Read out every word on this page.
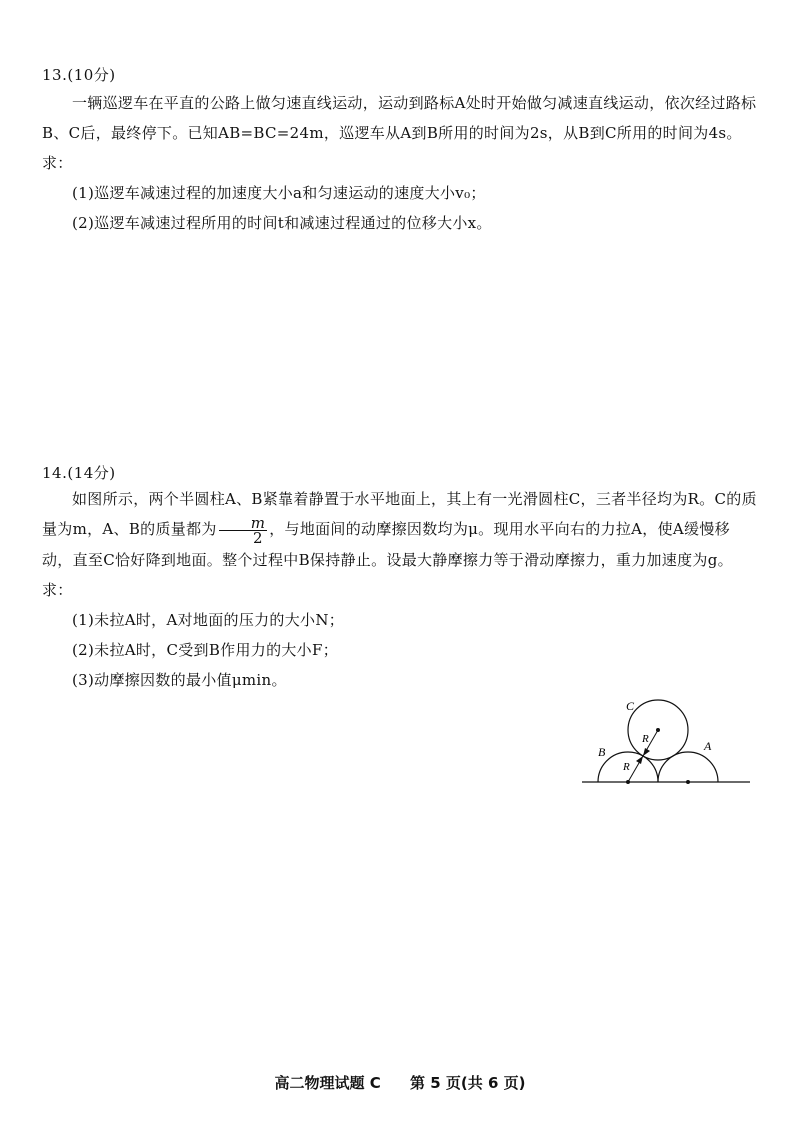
13.(10分)
一辆巡逻车在平直的公路上做匀速直线运动，运动到路标A处时开始做匀减速直线运动，依次经过路标B、C后，最终停下。已知AB=BC=24m，巡逻车从A到B所用的时间为2s，从B到C所用的时间为4s。求：
(1)巡逻车减速过程的加速度大小a和匀速运动的速度大小v₀；
(2)巡逻车减速过程所用的时间t和减速过程通过的位移大小x。
14.(14分)
如图所示，两个半圆柱A、B紧靠着静置于水平地面上，其上有一光滑圆柱C，三者半径均为R。C的质量为m，A、B的质量都为 $\frac{m}{2}$ ，与地面间的动摩擦因数均为μ。现用水平向右的力拉A，使A缓慢移动，直至C恰好降到地面。整个过程中B保持静止。设最大静摩擦力等于滑动摩擦力，重力加速度为g。求：
(1)未拉A时，A对地面的压力的大小N；
(2)未拉A时，C受到B作用力的大小F；
(3)动摩擦因数的最小值μmin。
C
B	A
R
R
高二物理试题 C 第 5 页(共 6 页)
